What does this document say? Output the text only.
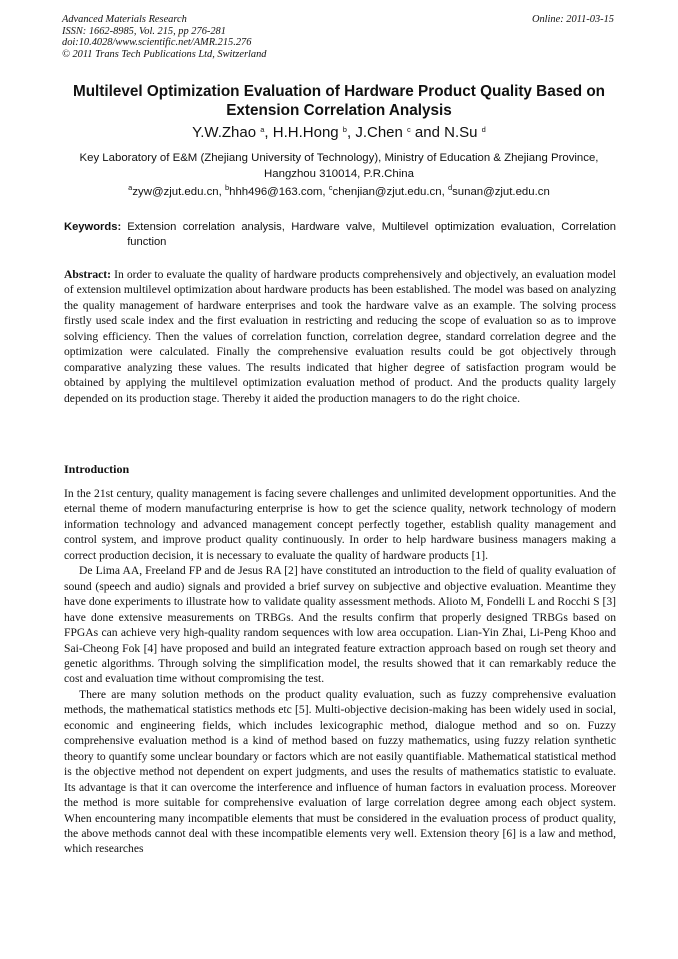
Advanced Materials Research
ISSN: 1662-8985, Vol. 215, pp 276-281
doi:10.4028/www.scientific.net/AMR.215.276
© 2011 Trans Tech Publications Ltd, Switzerland
Online: 2011-03-15
Multilevel Optimization Evaluation of Hardware Product Quality Based on Extension Correlation Analysis
Y.W.Zhao $^a$, H.H.Hong $^b$, J.Chen $^c$ and N.Su $^d$
Key Laboratory of E&M (Zhejiang University of Technology), Ministry of Education & Zhejiang Province, Hangzhou 310014, P.R.China
$^a$zyw@zjut.edu.cn, $^b$hhh496@163.com, $^c$chenjian@zjut.edu.cn, $^d$sunan@zjut.edu.cn
Keywords: Extension correlation analysis, Hardware valve, Multilevel optimization evaluation, Correlation function

Abstract: In order to evaluate the quality of hardware products comprehensively and objectively, an evaluation model of extension multilevel optimization about hardware products has been established. The model was based on analyzing the quality management of hardware enterprises and took the hardware valve as an example. The solving process firstly used scale index and the first evaluation in restricting and reducing the scope of evaluation so as to improve solving efficiency. Then the values of correlation function, correlation degree, standard correlation degree and the optimization were calculated. Finally the comprehensive evaluation results could be got objectively through comparative analyzing these values. The results indicated that higher degree of satisfaction program would be obtained by applying the multilevel optimization evaluation method of product. And the products quality largely depended on its production stage. Thereby it aided the production managers to do the right choice.

Introduction

In the 21st century, quality management is facing severe challenges and unlimited development opportunities. And the eternal theme of modern manufacturing enterprise is how to get the science quality, network technology of modern information technology and advanced management concept perfectly together, establish quality management and control system, and improve product quality continuously. In order to help hardware business managers making a correct production decision, it is necessary to evaluate the quality of hardware products [1].

De Lima AA, Freeland FP and de Jesus RA [2] have constituted an introduction to the field of quality evaluation of sound (speech and audio) signals and provided a brief survey on subjective and objective evaluation. Meantime they have done experiments to illustrate how to validate quality assessment methods. Alioto M, Fondelli L and Rocchi S [3] have done extensive measurements on TRBGs. And the results confirm that properly designed TRBGs based on FPGAs can achieve very high-quality random sequences with low area occupation. Lian-Yin Zhai, Li-Peng Khoo and Sai-Cheong Fok [4] have proposed and build an integrated feature extraction approach based on rough set theory and genetic algorithms. Through solving the simplification model, the results showed that it can remarkably reduce the cost and evaluation time without compromising the test.

There are many solution methods on the product quality evaluation, such as fuzzy comprehensive evaluation methods, the mathematical statistics methods etc [5]. Multi-objective decision-making has been widely used in social, economic and engineering fields, which includes lexicographic method, dialogue method and so on. Fuzzy comprehensive evaluation method is a kind of method based on fuzzy mathematics, using fuzzy relation synthetic theory to quantify some unclear boundary or factors which are not easily quantifiable. Mathematical statistical method is the objective method not dependent on expert judgments, and uses the results of mathematics statistic to evaluate. Its advantage is that it can overcome the interference and influence of human factors in evaluation process. Moreover the method is more suitable for comprehensive evaluation of large correlation degree among each object system. When encountering many incompatible elements that must be considered in the evaluation process of product quality, the above methods cannot deal with these incompatible elements very well. Extension theory [6] is a law and method, which researches
